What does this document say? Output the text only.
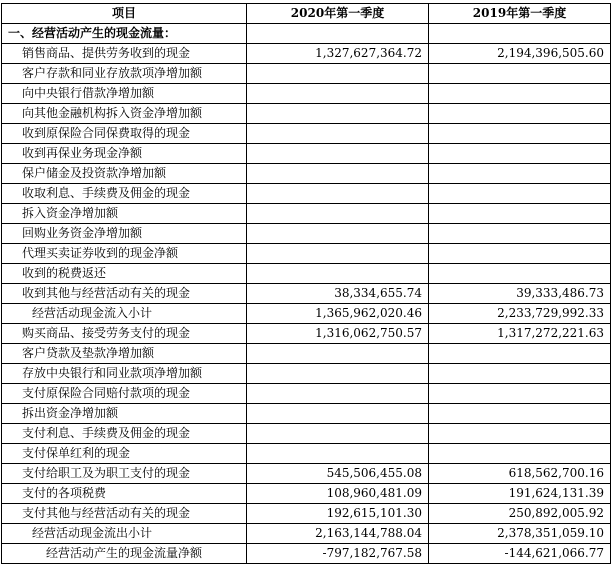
项目	2020年第一季度	2019年第一季度
一、经营活动产生的现金流量：		
销售商品、提供劳务收到的现金	1,327,627,364.72	2,194,396,505.60
客户存款和同业存放款项净增加额		
向中央银行借款净增加额		
向其他金融机构拆入资金净增加额		
收到原保险合同保费取得的现金		
收到再保业务现金净额		
保户储金及投资款净增加额		
收取利息、手续费及佣金的现金		
拆入资金净增加额		
回购业务资金净增加额		
代理买卖证券收到的现金净额		
收到的税费返还		
收到其他与经营活动有关的现金	38,334,655.74	39,333,486.73
经营活动现金流入小计	1,365,962,020.46	2,233,729,992.33
购买商品、接受劳务支付的现金	1,316,062,750.57	1,317,272,221.63
客户贷款及垫款净增加额		
存放中央银行和同业款项净增加额		
支付原保险合同赔付款项的现金		
拆出资金净增加额		
支付利息、手续费及佣金的现金		
支付保单红利的现金		
支付给职工及为职工支付的现金	545,506,455.08	618,562,700.16
支付的各项税费	108,960,481.09	191,624,131.39
支付其他与经营活动有关的现金	192,615,101.30	250,892,005.92
经营活动现金流出小计	2,163,144,788.04	2,378,351,059.10
经营活动产生的现金流量净额	-797,182,767.58	-144,621,066.77
